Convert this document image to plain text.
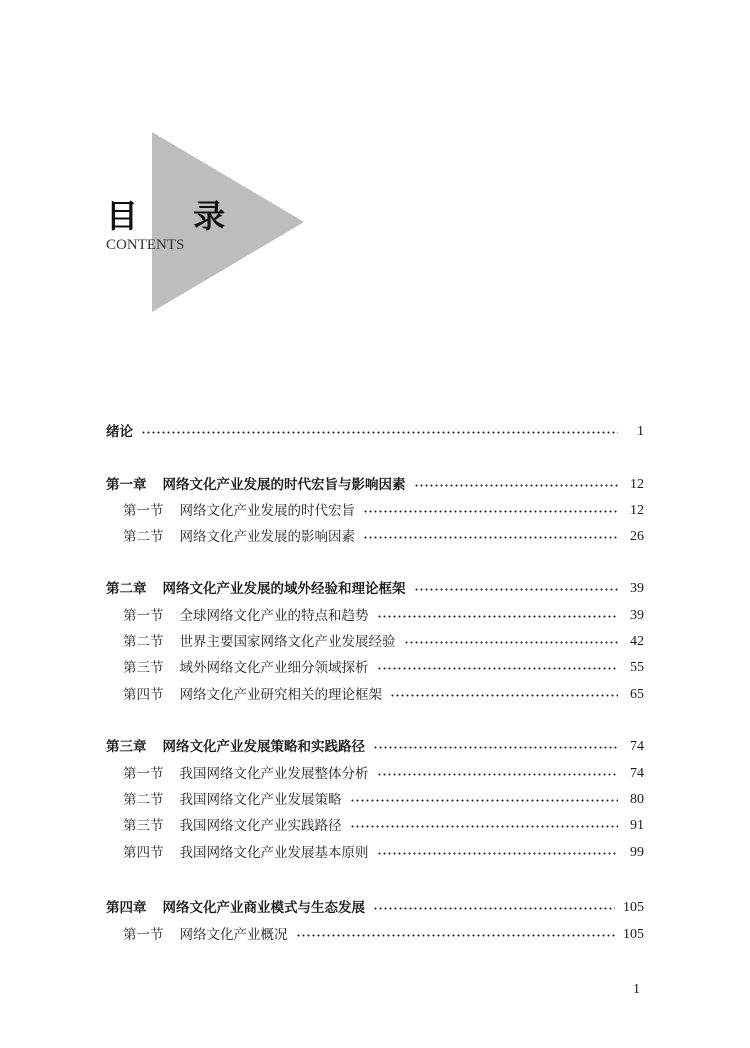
目 录
CONTENTS
绪论	1
第一章 网络文化产业发展的时代宏旨与影响因素	12
第一节 网络文化产业发展的时代宏旨	12
第二节 网络文化产业发展的影响因素	26
第二章 网络文化产业发展的域外经验和理论框架	39
第一节 全球网络文化产业的特点和趋势	39
第二节 世界主要国家网络文化产业发展经验	42
第三节 域外网络文化产业细分领域探析	55
第四节 网络文化产业研究相关的理论框架	65
第三章 网络文化产业发展策略和实践路径	74
第一节 我国网络文化产业发展整体分析	74
第二节 我国网络文化产业发展策略	80
第三节 我国网络文化产业实践路径	91
第四节 我国网络文化产业发展基本原则	99
第四章 网络文化产业商业模式与生态发展	105
第一节 网络文化产业概况	105
1
